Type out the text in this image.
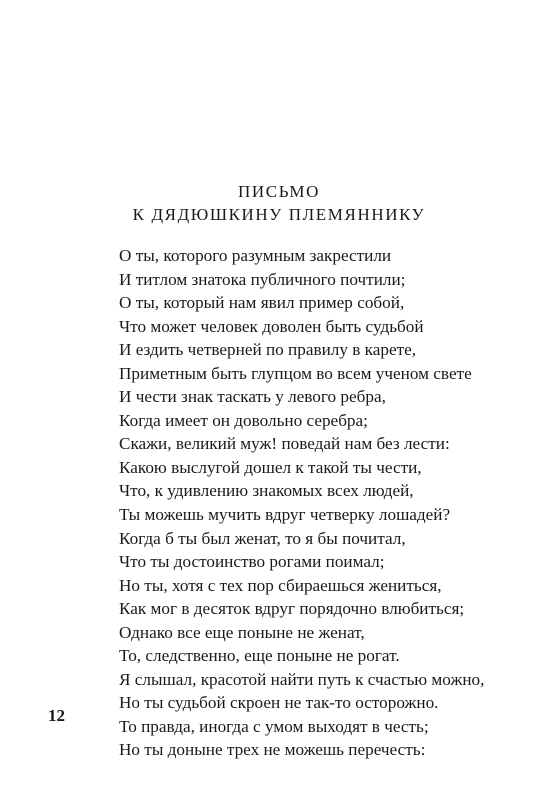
ПИСЬМО
К ДЯДЮШКИНУ ПЛЕМЯННИКУ
О ты, которого разумным закрестили
И титлом знатока публичного почтили;
О ты, который нам явил пример собой,
Что может человек доволен быть судьбой
И ездить четверней по правилу в карете,
Приметным быть глупцом во всем ученом свете
И чести знак таскать у левого ребра,
Когда имеет он довольно серебра;
Скажи, великий муж! поведай нам без лести:
Какою выслугой дошел к такой ты чести,
Что, к удивлению знакомых всех людей,
Ты можешь мучить вдруг четверку лошадей?
Когда б ты был женат, то я бы почитал,
Что ты достоинство рогами поимал;
Но ты, хотя с тех пор сбираешься жениться,
Как мог в десяток вдруг порядочно влюбиться;
Однако все еще поныне не женат,
То, следственно, еще поныне не рогат.
Я слышал, красотой найти путь к счастью можно,
Но ты судьбой скроен не так-то осторожно.
То правда, иногда с умом выходят в честь;
Но ты доныне трех не можешь перечесть:
12
